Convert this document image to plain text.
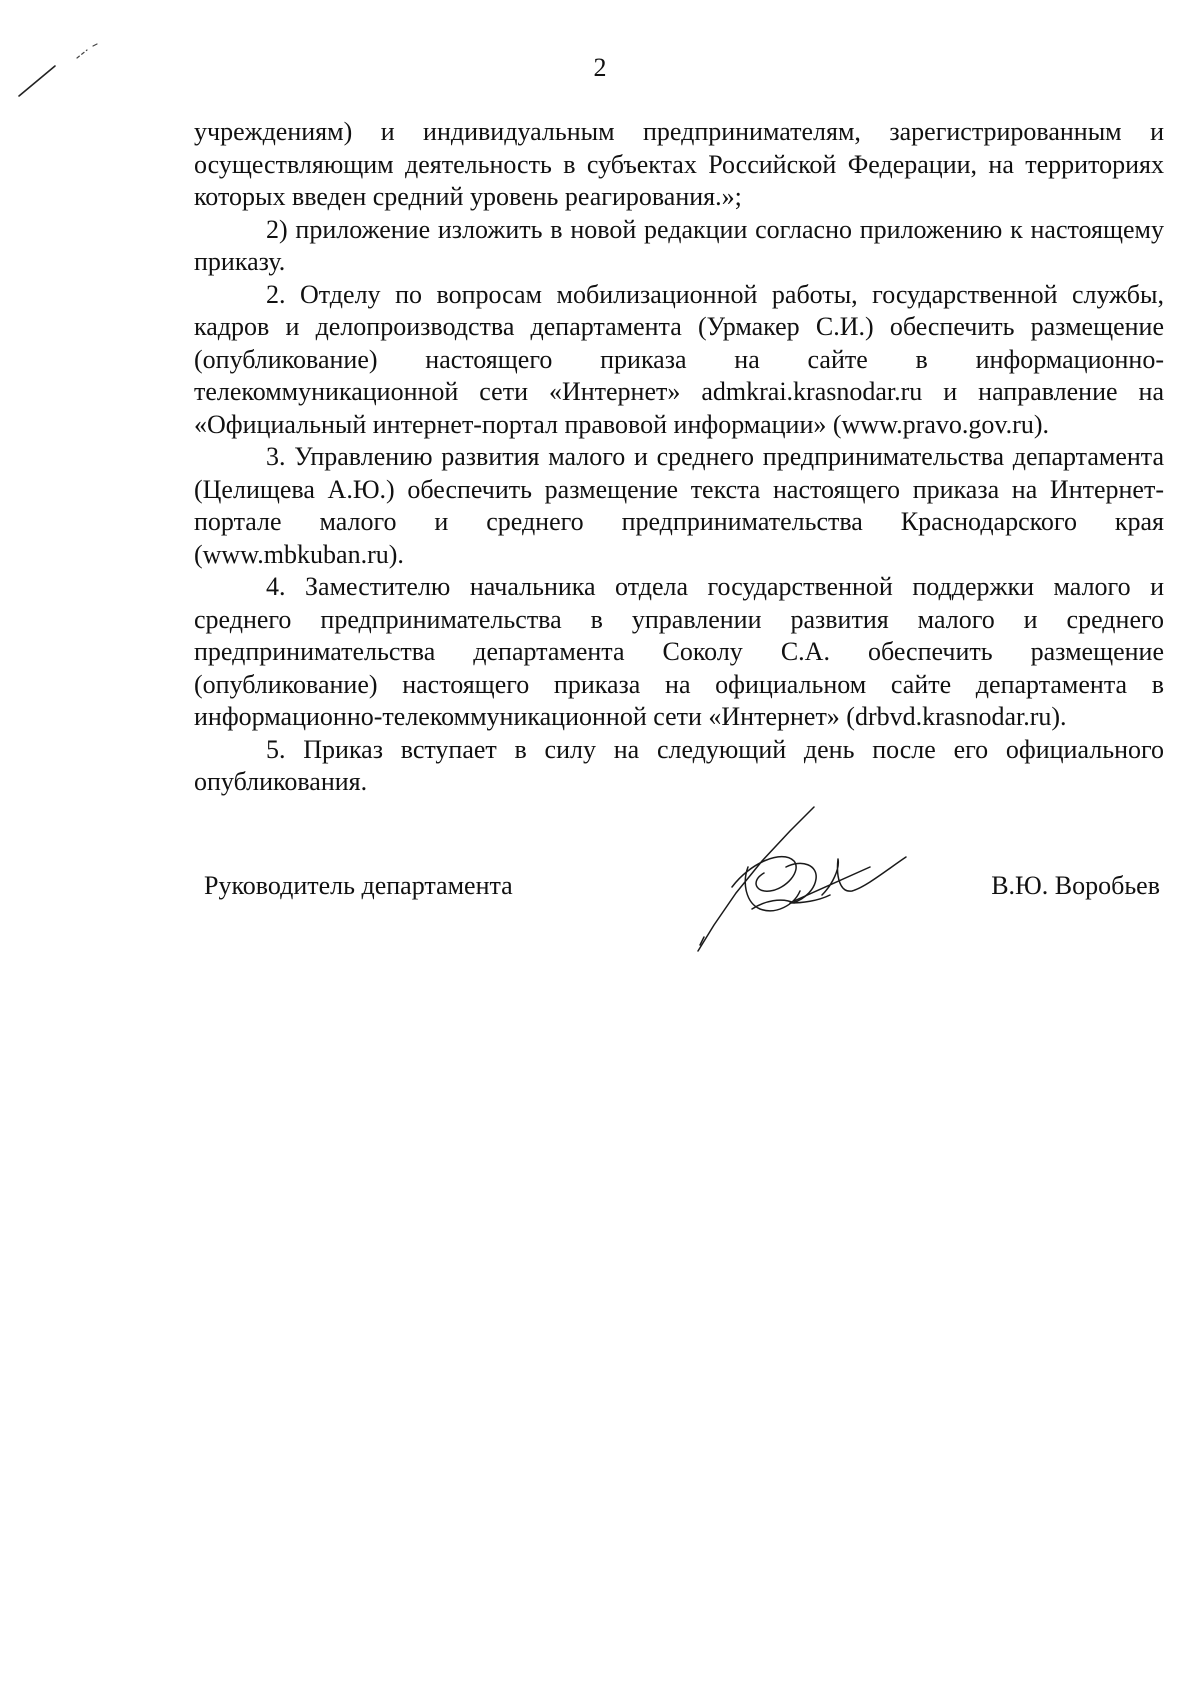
2

учреждениям) и индивидуальным предпринимателям, зарегистрированным и осуществляющим деятельность в субъектах Российской Федерации, на территориях которых введен средний уровень реагирования.»;

2) приложение изложить в новой редакции согласно приложению к настоящему приказу.

2. Отделу по вопросам мобилизационной работы, государственной службы, кадров и делопроизводства департамента (Урмакер С.И.) обеспечить размещение (опубликование) настоящего приказа на сайте в информационно-телекоммуникационной сети «Интернет» admkrai.krasnodar.ru и направление на «Официальный интернет-портал правовой информации» (www.pravo.gov.ru).

3. Управлению развития малого и среднего предпринимательства департамента (Целищева А.Ю.) обеспечить размещение текста настоящего приказа на Интернет-портале малого и среднего предпринимательства Краснодарского края (www.mbkuban.ru).

4. Заместителю начальника отдела государственной поддержки малого и среднего предпринимательства в управлении развития малого и среднего предпринимательства департамента Соколу С.А. обеспечить размещение (опубликование) настоящего приказа на официальном сайте департамента в информационно-телекоммуникационной сети «Интернет» (drbvd.krasnodar.ru).

5. Приказ вступает в силу на следующий день после его официального опубликования.

Руководитель департамента	В.Ю. Воробьев
